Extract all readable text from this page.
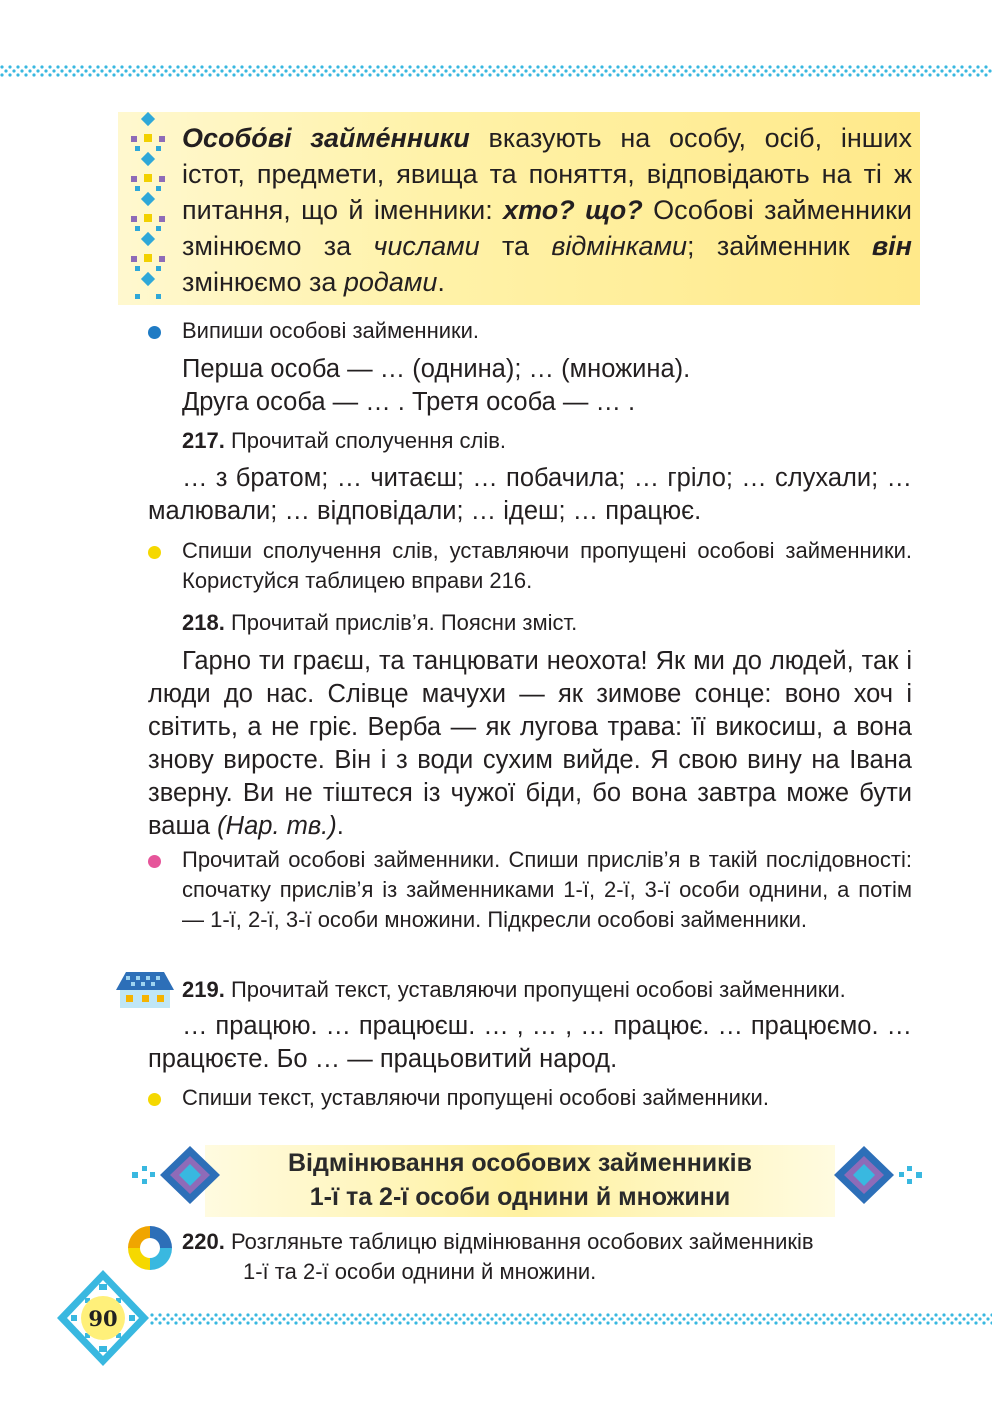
Особо́ві займе́нники вказують на особу, осіб, інших істот, предмети, явища та поняття, відповідають на ті ж питання, що й іменники: хто? що? Особові займенники змінюємо за числами та відмінками; займенник він змінюємо за родами.
Випиши особові займенники.
Перша особа — … (однина); … (множина).
Друга особа — … . Третя особа — … .
217. Прочитай сполучення слів.
… з братом; … читаєш; … побачила; … гріло; … слухали; … малювали; … відповідали; … ідеш; … працює.
Спиши сполучення слів, уставляючи пропущені особові займенники. Користуйся таблицею вправи 216.
218. Прочитай прислів’я. Поясни зміст.
Гарно ти граєш, та танцювати неохота! Як ми до людей, так і люди до нас. Слівце мачухи — як зимове сонце: воно хоч і світить, а не гріє. Верба — як лугова трава: її викосиш, а вона знову виросте. Він і з води сухим вийде. Я свою вину на Івана зверну. Ви не тіштеся із чужої біди, бо вона завтра може бути ваша (Нар. тв.).
Прочитай особові займенники. Спиши прислів’я в такій послідовності: спочатку прислів’я із займенниками 1-ї, 2-ї, 3-ї особи однини, а потім — 1-ї, 2-ї, 3-ї особи множини. Підкресли особові займенники.
219. Прочитай текст, уставляючи пропущені особові займенники.
… працюю. … працюєш. … , … , … працює. … працюємо. … працюєте. Бо … — працьовитий народ.
Спиши текст, уставляючи пропущені особові займенники.
Відмінювання особових займенників
1-ї та 2-ї особи однини й множини
220. Розгляньте таблицю відмінювання особових займенників
1-ї та 2-ї особи однини й множини.
90
